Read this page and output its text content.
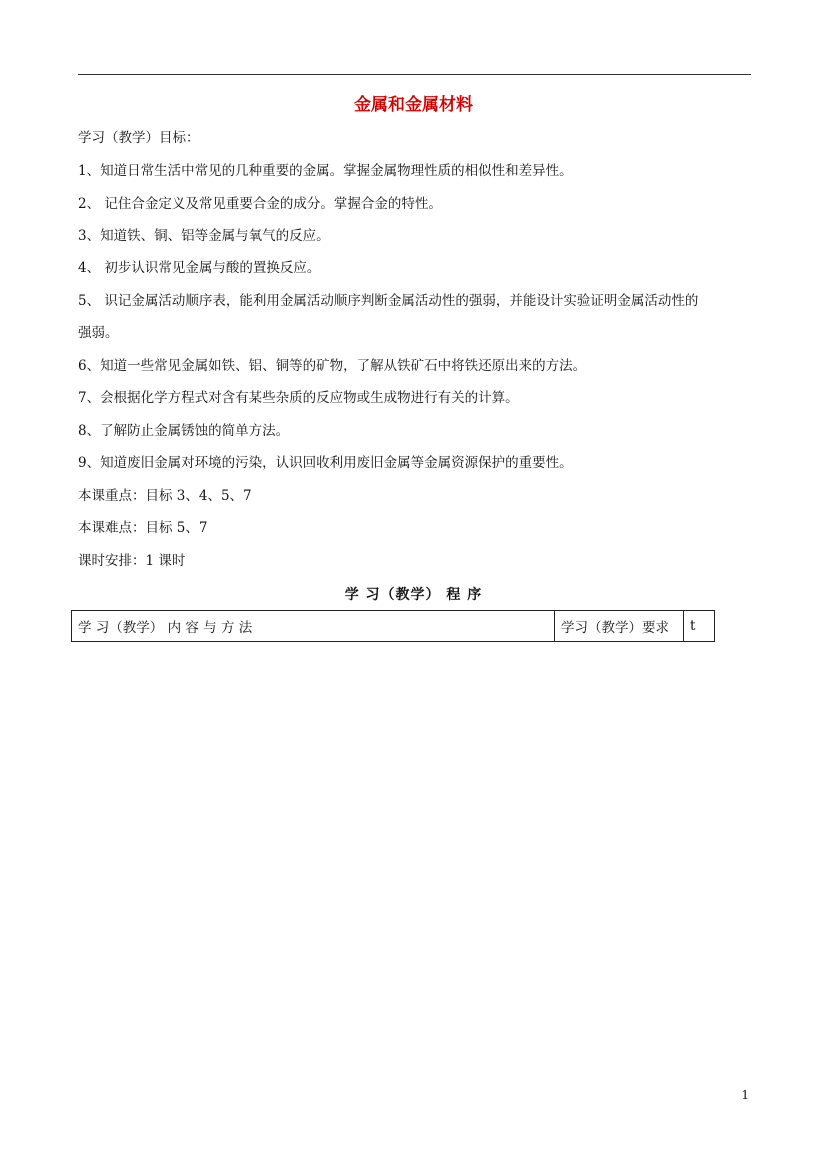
金属和金属材料
学习（教学）目标：
1、知道日常生活中常见的几种重要的金属。掌握金属物理性质的相似性和差异性。
2、 记住合金定义及常见重要合金的成分。掌握合金的特性。
3、知道铁、铜、铝等金属与氧气的反应。
4、 初步认识常见金属与酸的置换反应。
5、 识记金属活动顺序表，能利用金属活动顺序判断金属活动性的强弱，并能设计实验证明金属活动性的
强弱。
6、知道一些常见金属如铁、铝、铜等的矿物，了解从铁矿石中将铁还原出来的方法。
7、会根据化学方程式对含有某些杂质的反应物或生成物进行有关的计算。
8、了解防止金属锈蚀的简单方法。
9、知道废旧金属对环境的污染，认识回收利用废旧金属等金属资源保护的重要性。
本课重点：目标 3、4、5、7
本课难点：目标 5、7
课时安排：1 课时
学 习（教学） 程 序
学 习（教学） 内 容 与 方 法	学习（教学）要求	t
1
